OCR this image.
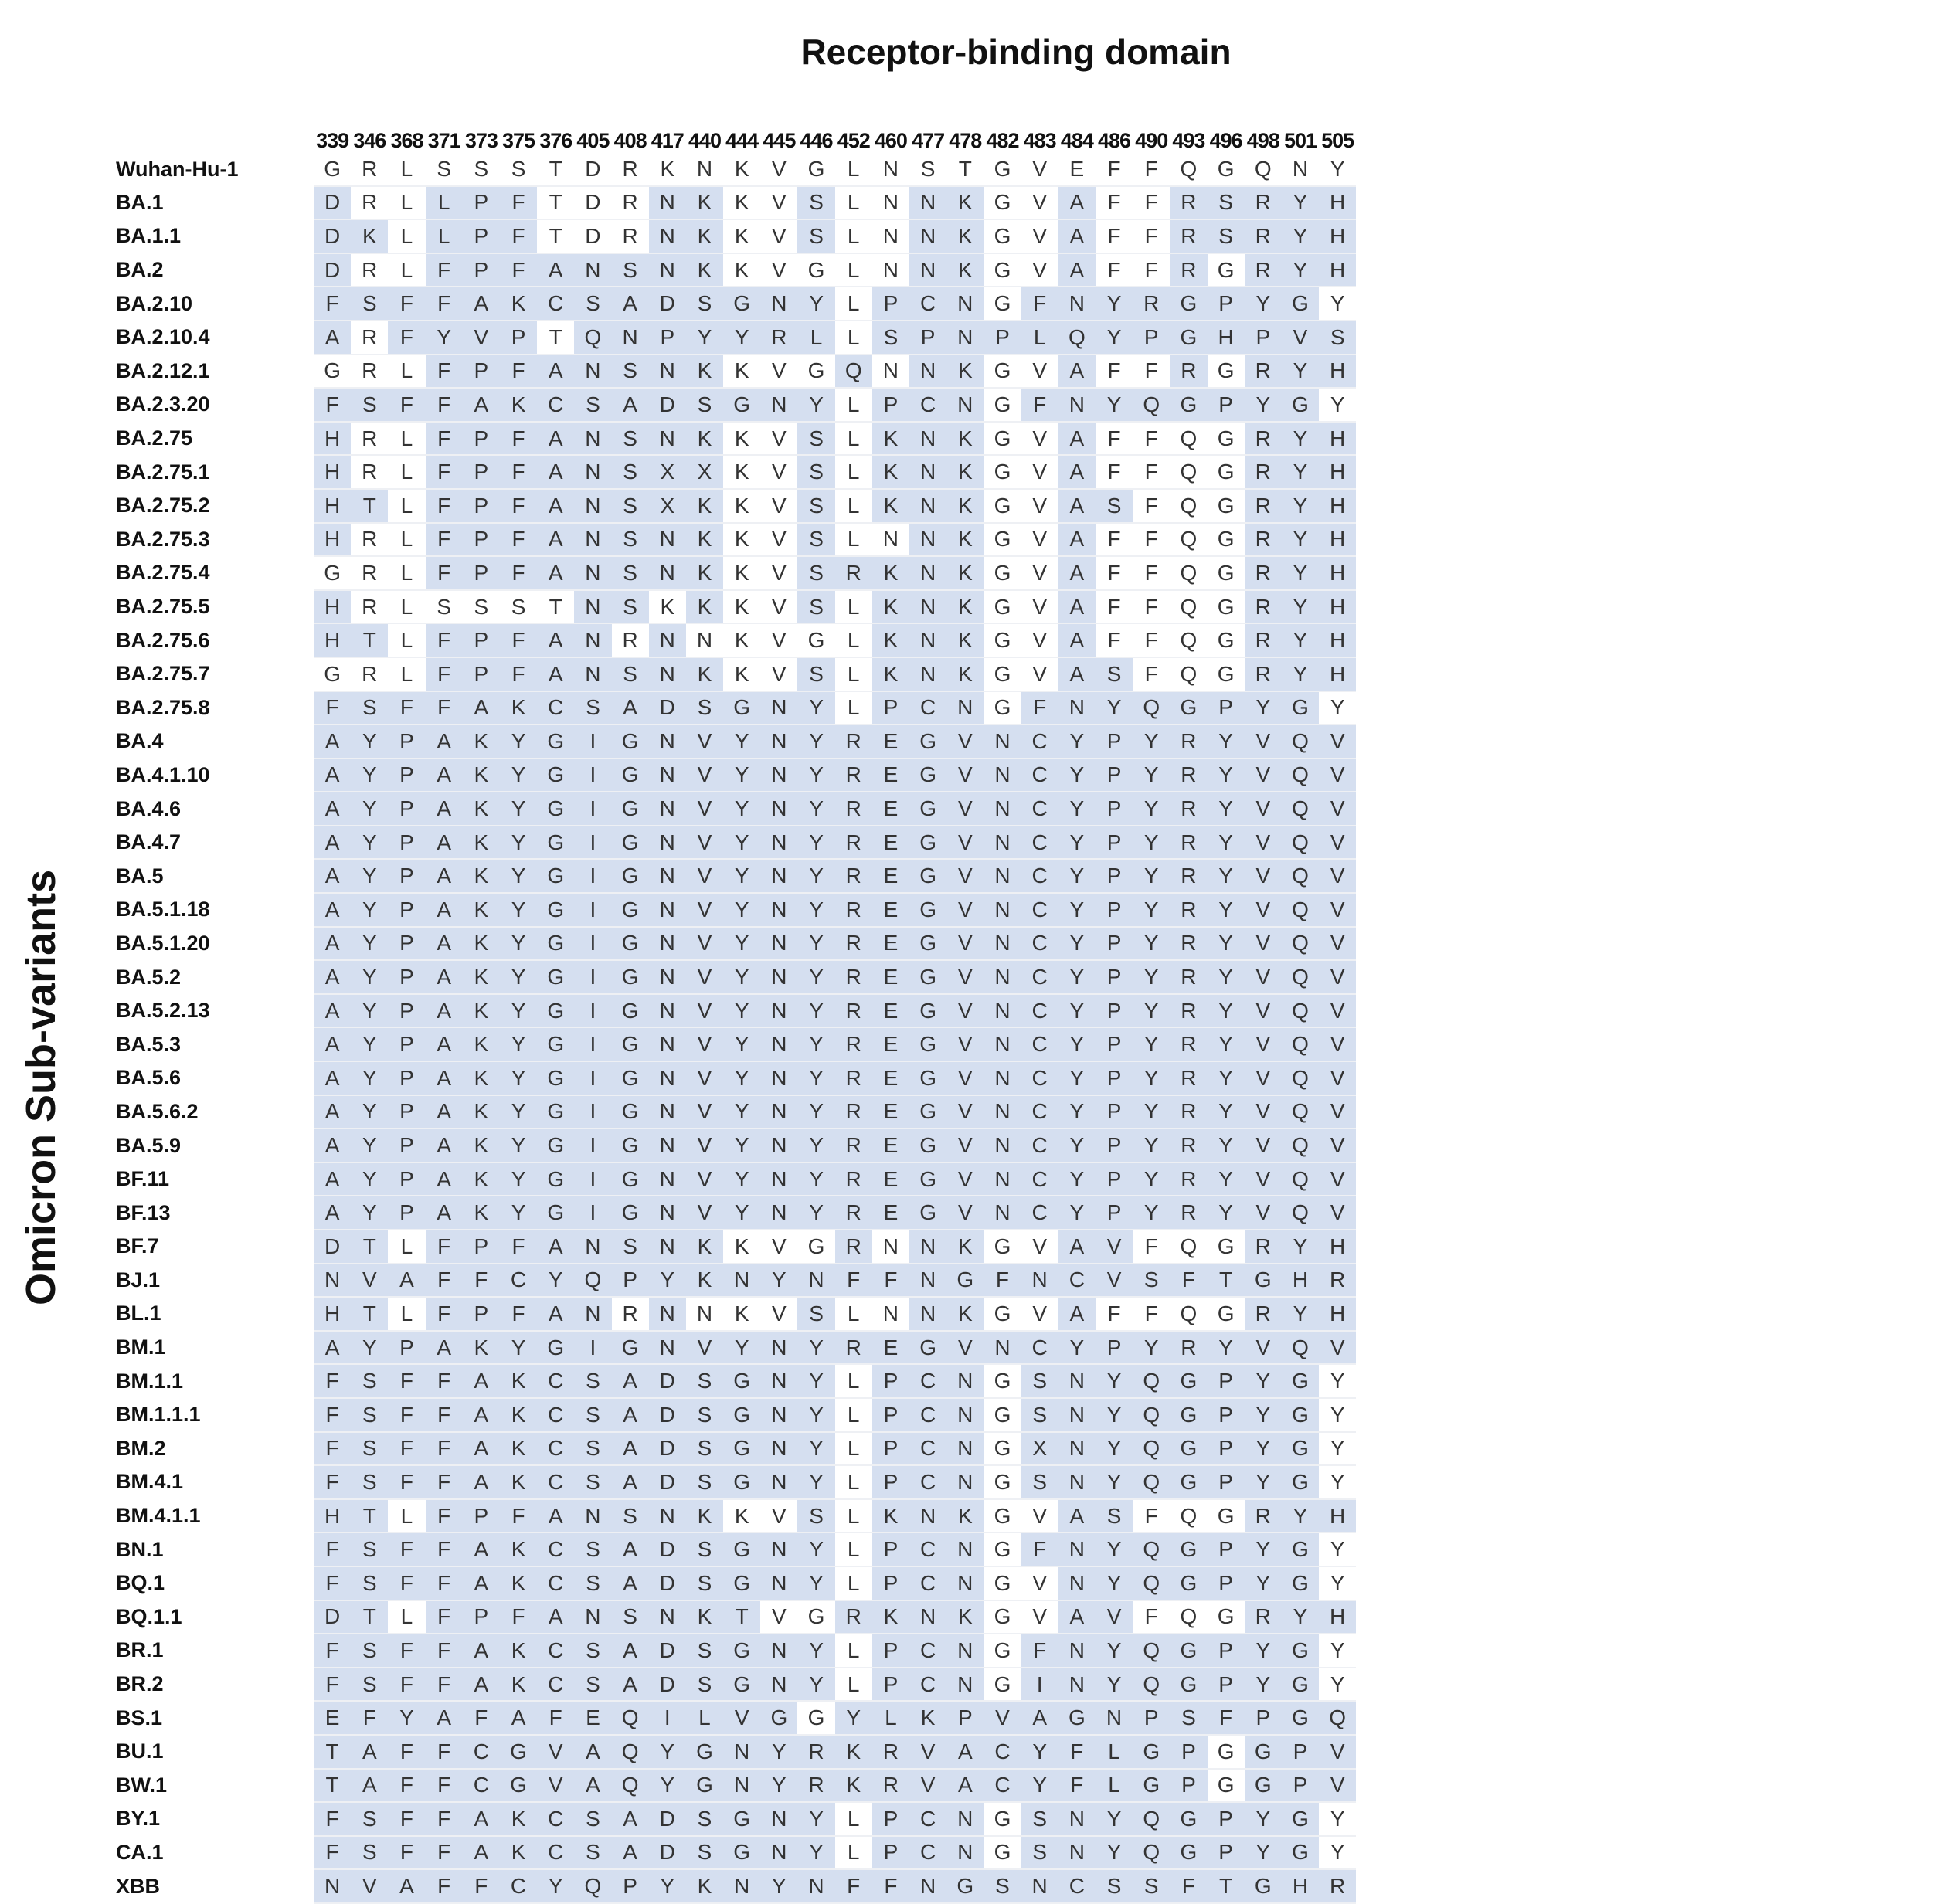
Receptor-binding domain
Omicron Sub-variants
	339	346	368	371	373	375	376	405	408	417	440	444	445	446	452	460	477	478	482	483	484	486	490	493	496	498	501	505
Wuhan-Hu-1	G	R	L	S	S	S	T	D	R	K	N	K	V	G	L	N	S	T	G	V	E	F	F	Q	G	Q	N	Y
BA.1	D	R	L	L	P	F	T	D	R	N	K	K	V	S	L	N	N	K	G	V	A	F	F	R	S	R	Y	H
BA.1.1	D	K	L	L	P	F	T	D	R	N	K	K	V	S	L	N	N	K	G	V	A	F	F	R	S	R	Y	H
BA.2	D	R	L	F	P	F	A	N	S	N	K	K	V	G	L	N	N	K	G	V	A	F	F	R	G	R	Y	H
BA.2.10	F	S	F	F	A	K	C	S	A	D	S	G	N	Y	L	P	C	N	G	F	N	Y	R	G	P	Y	G	Y
BA.2.10.4	A	R	F	Y	V	P	T	Q	N	P	Y	Y	R	L	L	S	P	N	P	L	Q	Y	P	G	H	P	V	S
BA.2.12.1	G	R	L	F	P	F	A	N	S	N	K	K	V	G	Q	N	N	K	G	V	A	F	F	R	G	R	Y	H
BA.2.3.20	F	S	F	F	A	K	C	S	A	D	S	G	N	Y	L	P	C	N	G	F	N	Y	Q	G	P	Y	G	Y
BA.2.75	H	R	L	F	P	F	A	N	S	N	K	K	V	S	L	K	N	K	G	V	A	F	F	Q	G	R	Y	H
BA.2.75.1	H	R	L	F	P	F	A	N	S	X	X	K	V	S	L	K	N	K	G	V	A	F	F	Q	G	R	Y	H
BA.2.75.2	H	T	L	F	P	F	A	N	S	X	K	K	V	S	L	K	N	K	G	V	A	S	F	Q	G	R	Y	H
BA.2.75.3	H	R	L	F	P	F	A	N	S	N	K	K	V	S	L	N	N	K	G	V	A	F	F	Q	G	R	Y	H
BA.2.75.4	G	R	L	F	P	F	A	N	S	N	K	K	V	S	R	K	N	K	G	V	A	F	F	Q	G	R	Y	H
BA.2.75.5	H	R	L	S	S	S	T	N	S	K	K	K	V	S	L	K	N	K	G	V	A	F	F	Q	G	R	Y	H
BA.2.75.6	H	T	L	F	P	F	A	N	R	N	N	K	V	G	L	K	N	K	G	V	A	F	F	Q	G	R	Y	H
BA.2.75.7	G	R	L	F	P	F	A	N	S	N	K	K	V	S	L	K	N	K	G	V	A	S	F	Q	G	R	Y	H
BA.2.75.8	F	S	F	F	A	K	C	S	A	D	S	G	N	Y	L	P	C	N	G	F	N	Y	Q	G	P	Y	G	Y
BA.4	A	Y	P	A	K	Y	G	I	G	N	V	Y	N	Y	R	E	G	V	N	C	Y	P	Y	R	Y	V	Q	V
BA.4.1.10	A	Y	P	A	K	Y	G	I	G	N	V	Y	N	Y	R	E	G	V	N	C	Y	P	Y	R	Y	V	Q	V
BA.4.6	A	Y	P	A	K	Y	G	I	G	N	V	Y	N	Y	R	E	G	V	N	C	Y	P	Y	R	Y	V	Q	V
BA.4.7	A	Y	P	A	K	Y	G	I	G	N	V	Y	N	Y	R	E	G	V	N	C	Y	P	Y	R	Y	V	Q	V
BA.5	A	Y	P	A	K	Y	G	I	G	N	V	Y	N	Y	R	E	G	V	N	C	Y	P	Y	R	Y	V	Q	V
BA.5.1.18	A	Y	P	A	K	Y	G	I	G	N	V	Y	N	Y	R	E	G	V	N	C	Y	P	Y	R	Y	V	Q	V
BA.5.1.20	A	Y	P	A	K	Y	G	I	G	N	V	Y	N	Y	R	E	G	V	N	C	Y	P	Y	R	Y	V	Q	V
BA.5.2	A	Y	P	A	K	Y	G	I	G	N	V	Y	N	Y	R	E	G	V	N	C	Y	P	Y	R	Y	V	Q	V
BA.5.2.13	A	Y	P	A	K	Y	G	I	G	N	V	Y	N	Y	R	E	G	V	N	C	Y	P	Y	R	Y	V	Q	V
BA.5.3	A	Y	P	A	K	Y	G	I	G	N	V	Y	N	Y	R	E	G	V	N	C	Y	P	Y	R	Y	V	Q	V
BA.5.6	A	Y	P	A	K	Y	G	I	G	N	V	Y	N	Y	R	E	G	V	N	C	Y	P	Y	R	Y	V	Q	V
BA.5.6.2	A	Y	P	A	K	Y	G	I	G	N	V	Y	N	Y	R	E	G	V	N	C	Y	P	Y	R	Y	V	Q	V
BA.5.9	A	Y	P	A	K	Y	G	I	G	N	V	Y	N	Y	R	E	G	V	N	C	Y	P	Y	R	Y	V	Q	V
BF.11	A	Y	P	A	K	Y	G	I	G	N	V	Y	N	Y	R	E	G	V	N	C	Y	P	Y	R	Y	V	Q	V
BF.13	A	Y	P	A	K	Y	G	I	G	N	V	Y	N	Y	R	E	G	V	N	C	Y	P	Y	R	Y	V	Q	V
BF.7	D	T	L	F	P	F	A	N	S	N	K	K	V	G	R	N	N	K	G	V	A	V	F	Q	G	R	Y	H
BJ.1	N	V	A	F	F	C	Y	Q	P	Y	K	N	Y	N	F	F	N	G	F	N	C	V	S	F	T	G	H	R
BL.1	H	T	L	F	P	F	A	N	R	N	N	K	V	S	L	N	N	K	G	V	A	F	F	Q	G	R	Y	H
BM.1	A	Y	P	A	K	Y	G	I	G	N	V	Y	N	Y	R	E	G	V	N	C	Y	P	Y	R	Y	V	Q	V
BM.1.1	F	S	F	F	A	K	C	S	A	D	S	G	N	Y	L	P	C	N	G	S	N	Y	Q	G	P	Y	G	Y
BM.1.1.1	F	S	F	F	A	K	C	S	A	D	S	G	N	Y	L	P	C	N	G	S	N	Y	Q	G	P	Y	G	Y
BM.2	F	S	F	F	A	K	C	S	A	D	S	G	N	Y	L	P	C	N	G	X	N	Y	Q	G	P	Y	G	Y
BM.4.1	F	S	F	F	A	K	C	S	A	D	S	G	N	Y	L	P	C	N	G	S	N	Y	Q	G	P	Y	G	Y
BM.4.1.1	H	T	L	F	P	F	A	N	S	N	K	K	V	S	L	K	N	K	G	V	A	S	F	Q	G	R	Y	H
BN.1	F	S	F	F	A	K	C	S	A	D	S	G	N	Y	L	P	C	N	G	F	N	Y	Q	G	P	Y	G	Y
BQ.1	F	S	F	F	A	K	C	S	A	D	S	G	N	Y	L	P	C	N	G	V	N	Y	Q	G	P	Y	G	Y
BQ.1.1	D	T	L	F	P	F	A	N	S	N	K	T	V	G	R	K	N	K	G	V	A	V	F	Q	G	R	Y	H
BR.1	F	S	F	F	A	K	C	S	A	D	S	G	N	Y	L	P	C	N	G	F	N	Y	Q	G	P	Y	G	Y
BR.2	F	S	F	F	A	K	C	S	A	D	S	G	N	Y	L	P	C	N	G	I	N	Y	Q	G	P	Y	G	Y
BS.1	E	F	Y	A	F	A	F	E	Q	I	L	V	G	G	Y	L	K	P	V	A	G	N	P	S	F	P	G	Q
BU.1	T	A	F	F	C	G	V	A	Q	Y	G	N	Y	R	K	R	V	A	C	Y	F	L	G	P	G	G	P	V
BW.1	T	A	F	F	C	G	V	A	Q	Y	G	N	Y	R	K	R	V	A	C	Y	F	L	G	P	G	G	P	V
BY.1	F	S	F	F	A	K	C	S	A	D	S	G	N	Y	L	P	C	N	G	S	N	Y	Q	G	P	Y	G	Y
CA.1	F	S	F	F	A	K	C	S	A	D	S	G	N	Y	L	P	C	N	G	S	N	Y	Q	G	P	Y	G	Y
XBB	N	V	A	F	F	C	Y	Q	P	Y	K	N	Y	N	F	F	N	G	S	N	C	S	S	F	T	G	H	R
